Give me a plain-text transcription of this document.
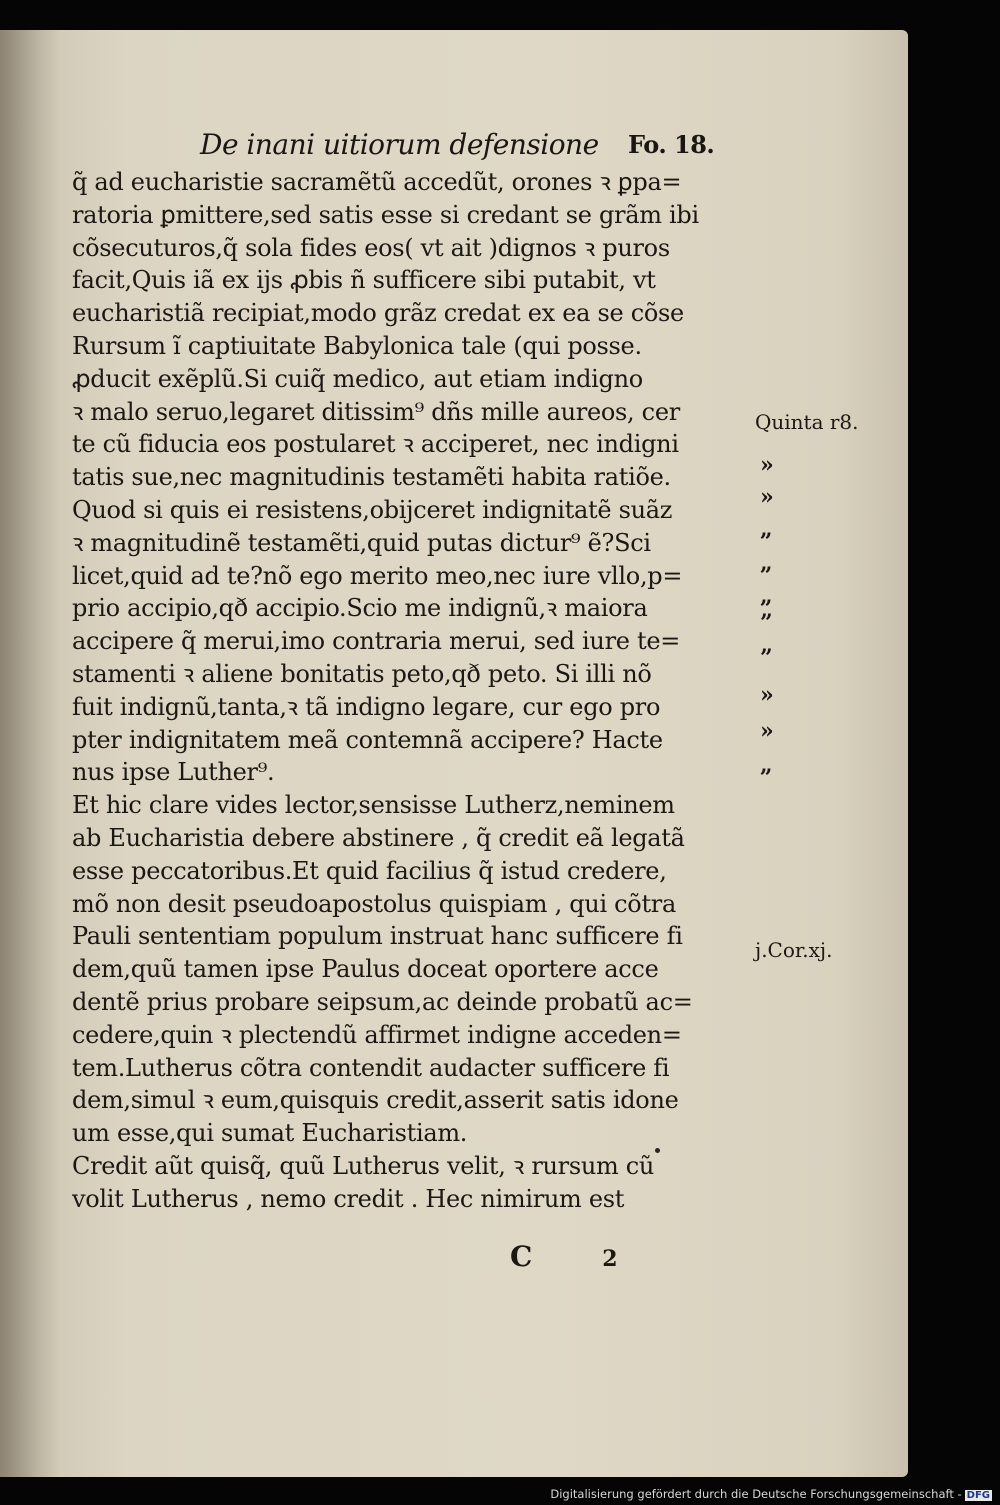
De inani uitiorum defensione Fo. 18.
q̃ ad eucharistie sacramẽtũ accedũt, orones ꝛ ꝑpa=
ratoria ꝑmittere,sed satis esse si credant se grãm ibi
cõsecuturos,q̃ sola fides eos( vt ait )dignos ꝛ puros
facit,Quis iã ex ijs ꝓbis ñ sufficere sibi putabit, vt
eucharistiã recipiat,modo grãz credat ex ea se cõse
Rursum ĩ captiuitate Babylonica tale (qui posse.
ꝓducit exẽplũ.Si cuiq̃ medico, aut etiam indigno
ꝛ malo seruo,legaret ditissim⁹ dñs mille aureos, cer
te cũ fiducia eos postularet ꝛ acciperet, nec indigni
tatis sue,nec magnitudinis testamẽti habita ratiõe.
Quod si quis ei resistens,obijceret indignitatẽ suãz
ꝛ magnitudinẽ testamẽti,quid putas dictur⁹ ẽ?Sci
licet,quid ad te?nõ ego merito meo,nec iure vllo,p=
prio accipio,qð accipio.Scio me indignũ,ꝛ maiora
accipere q̃ merui,imo contraria merui, sed iure te=
stamenti ꝛ aliene bonitatis peto,qð peto. Si illi nõ
fuit indignũ,tanta,ꝛ tã indigno legare, cur ego pro
pter indignitatem meã contemnã accipere? Hacte
nus ipse Luther⁹.
Et hic clare vides lector,sensisse Lutherz,neminem
ab Eucharistia debere abstinere , q̃ credit eã legatã
esse peccatoribus.Et quid facilius q̃ istud credere,
mõ non desit pseudoapostolus quispiam , qui cõtra
Pauli sententiam populum instruat hanc sufficere fi
dem,quũ tamen ipse Paulus doceat oportere acce
dentẽ prius probare seipsum,ac deinde probatũ ac=
cedere,quin ꝛ plectendũ affirmet indigne acceden=
tem.Lutherus cõtra contendit audacter sufficere fi
dem,simul ꝛ eum,quisquis credit,asserit satis idone
um esse,qui sumat Eucharistiam.
Credit aũt quisq̃, quũ Lutherus velit, ꝛ rursum cũ
volit Lutherus , nemo credit . Hec nimirum est
Quinta r8.
»
»
„
„
„
”
”
»
»
„
j.Cor.xj.
C	2
Digitalisierung gefördert durch die Deutsche Forschungsgemeinschaft - DFG
